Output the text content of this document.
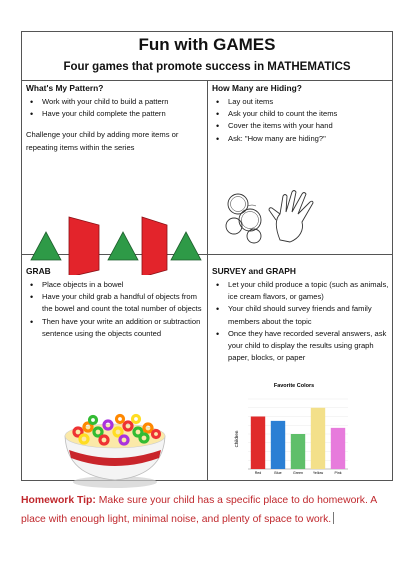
Fun with GAMES
Four games that promote success in MATHEMATICS
What's My Pattern?
• Work with your child to build a pattern
• Have your child complete the pattern

Challenge your child by adding more items or repeating items within the series

How Many are Hiding?
• Lay out items
• Ask your child to count the items
• Cover the items with your hand
• Ask: "How many are hiding?"
GRAB
• Place objects in a bowel
• Have your child grab a handful of objects from the bowel and count the total number of objects
• Then have your write an addition or subtraction sentence using the objects counted
SURVEY and GRAPH
• Let your child produce a topic (such as animals, ice cream flavors, or games)
• Your child should survey friends and family members about the topic
• Once they have recorded several answers, ask your child to display the results using graph paper, blocks, or paper
Favorite Colors
Children
Red	Blue	Green	Yellow	Pink
Homework Tip: Make sure your child has a specific place to do homework. A place with enough light, minimal noise, and plenty of space to work.
